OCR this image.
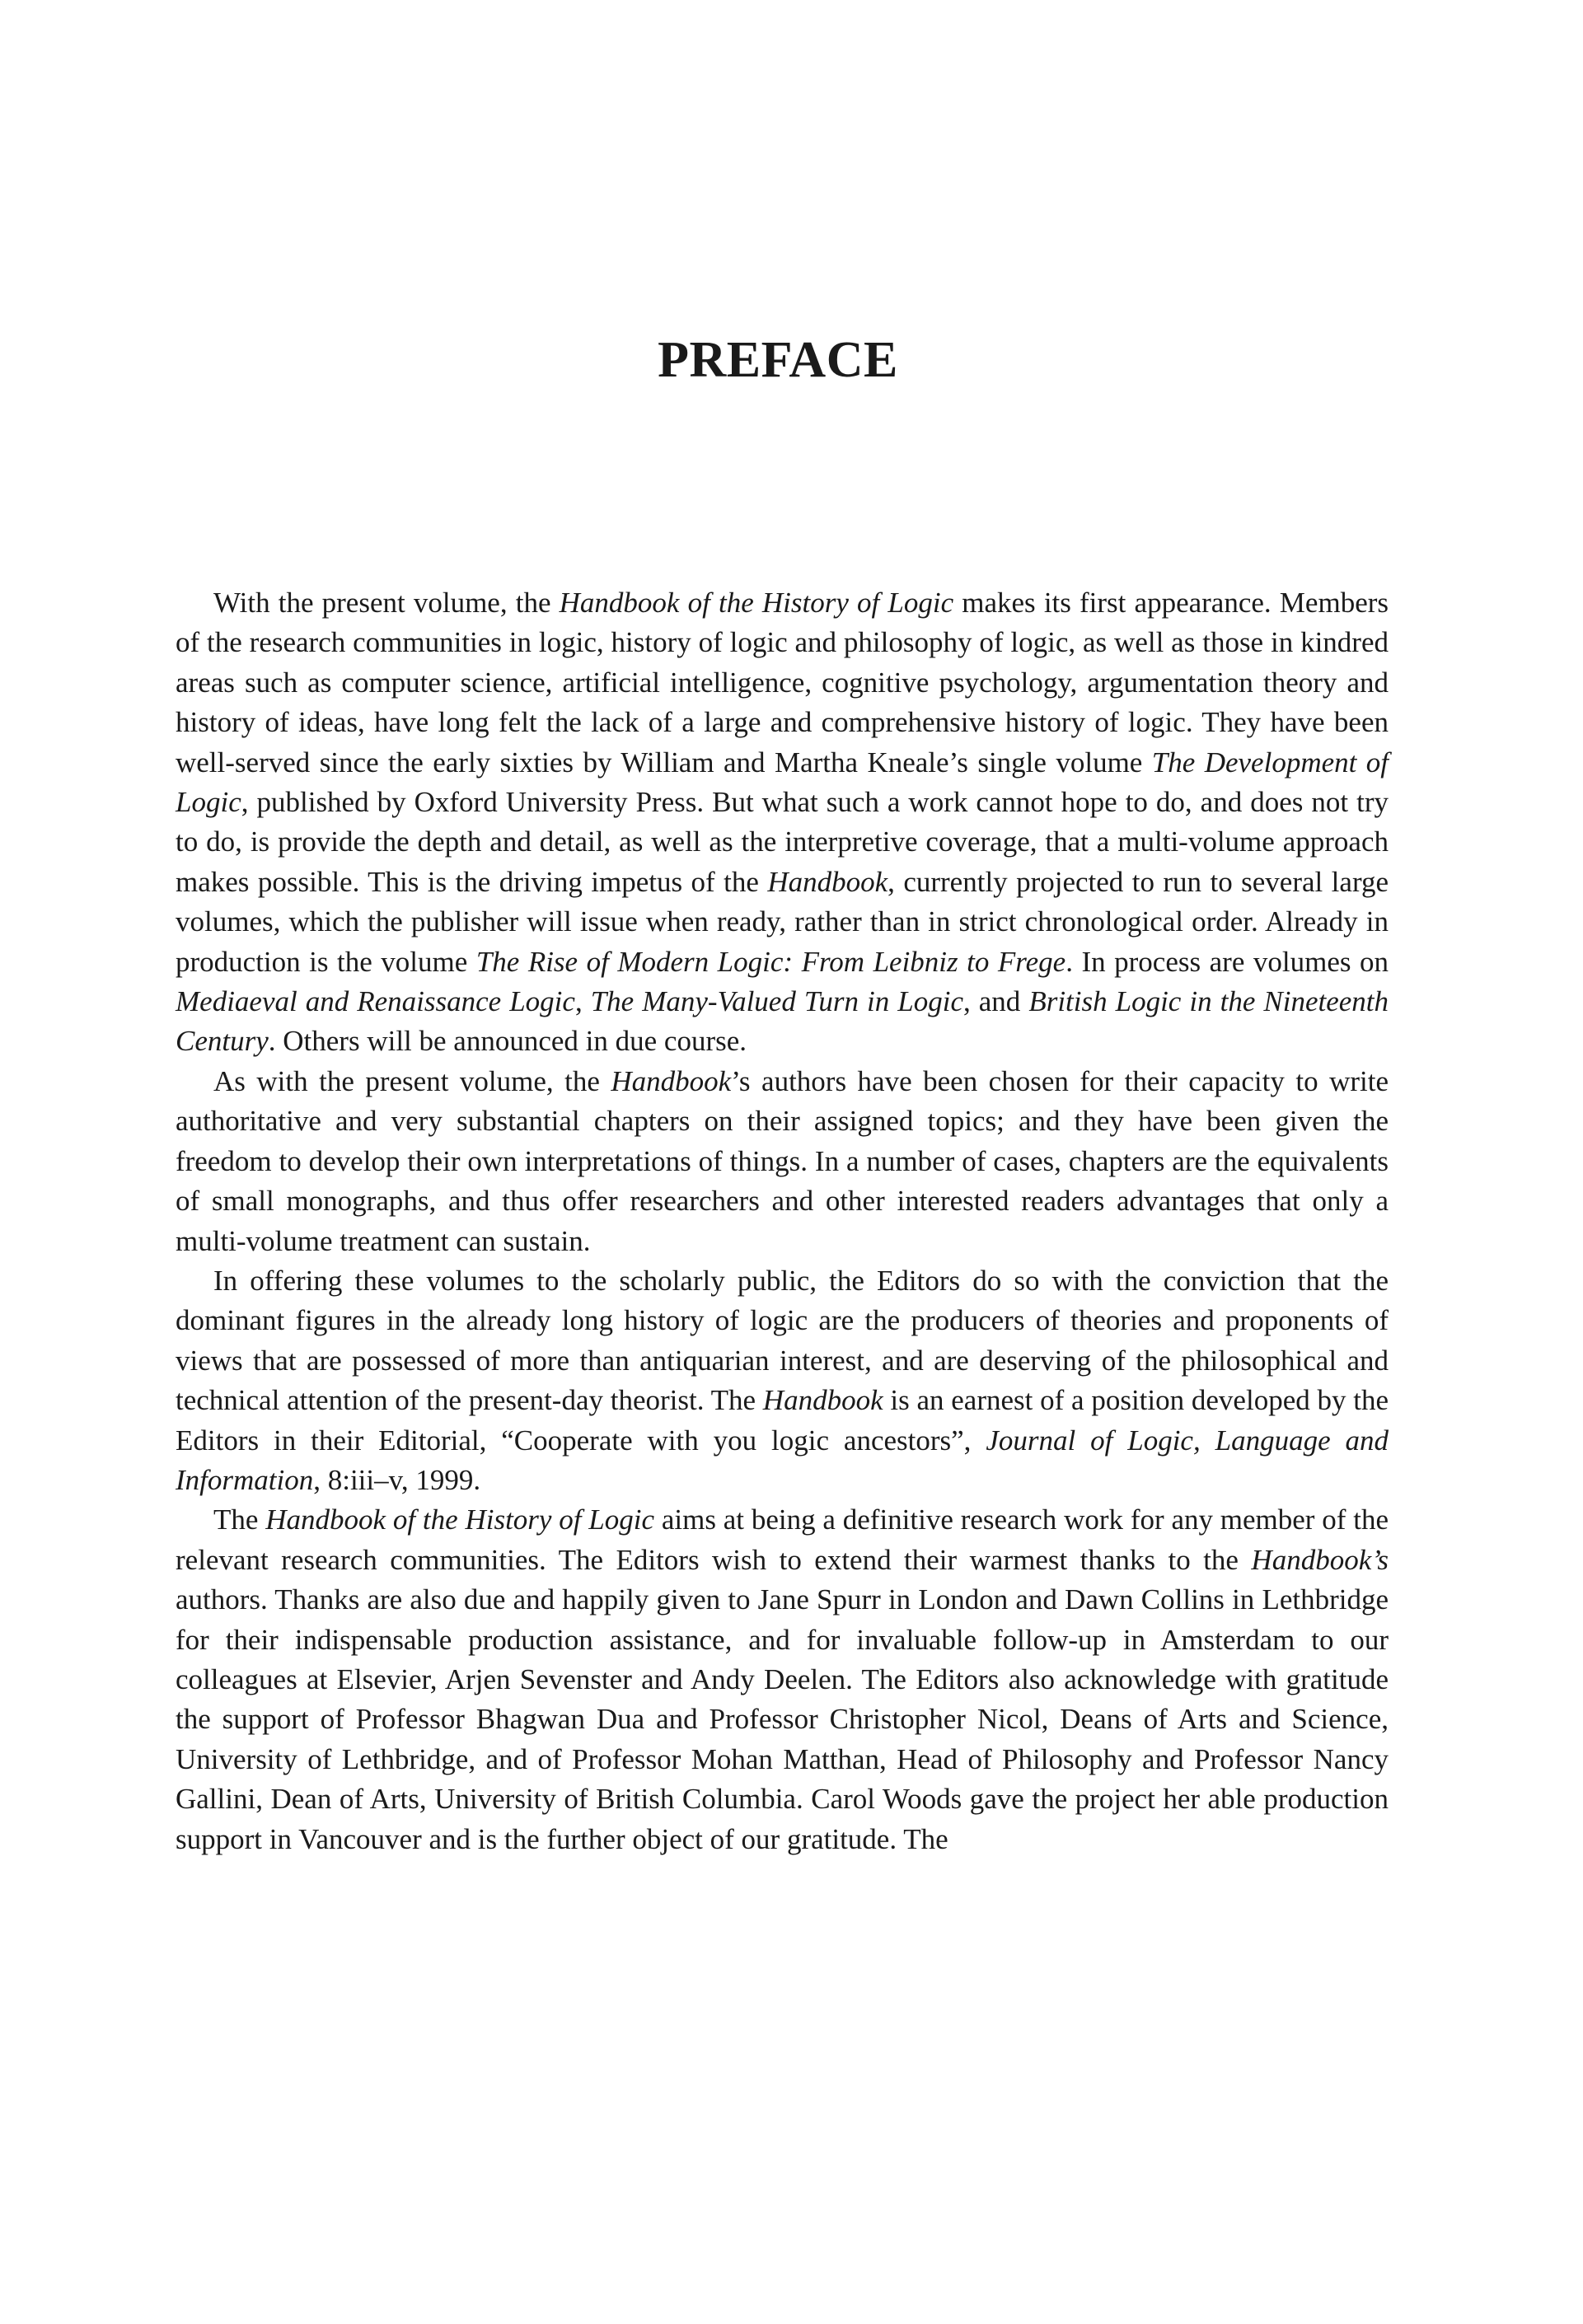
PREFACE

With the present volume, the Handbook of the History of Logic makes its first appearance. Members of the research communities in logic, history of logic and philosophy of logic, as well as those in kindred areas such as computer science, artificial intelligence, cognitive psychology, argumentation theory and history of ideas, have long felt the lack of a large and comprehensive history of logic. They have been well-served since the early sixties by William and Martha Kneale’s single volume The Development of Logic, published by Oxford University Press. But what such a work cannot hope to do, and does not try to do, is provide the depth and detail, as well as the interpretive coverage, that a multi-volume approach makes possible. This is the driving impetus of the Handbook, currently projected to run to several large volumes, which the publisher will issue when ready, rather than in strict chronological order. Already in production is the volume The Rise of Modern Logic: From Leibniz to Frege. In process are volumes on Mediaeval and Renaissance Logic, The Many-Valued Turn in Logic, and British Logic in the Nineteenth Century. Others will be announced in due course.

As with the present volume, the Handbook’s authors have been chosen for their capacity to write authoritative and very substantial chapters on their assigned topics; and they have been given the freedom to develop their own interpretations of things. In a number of cases, chapters are the equivalents of small monographs, and thus offer researchers and other interested readers advantages that only a multi-volume treatment can sustain.

In offering these volumes to the scholarly public, the Editors do so with the conviction that the dominant figures in the already long history of logic are the producers of theories and proponents of views that are possessed of more than antiquarian interest, and are deserving of the philosophical and technical attention of the present-day theorist. The Handbook is an earnest of a position developed by the Editors in their Editorial, “Cooperate with you logic ancestors”, Journal of Logic, Language and Information, 8:iii–v, 1999.

The Handbook of the History of Logic aims at being a definitive research work for any member of the relevant research communities. The Editors wish to extend their warmest thanks to the Handbook’s authors. Thanks are also due and happily given to Jane Spurr in London and Dawn Collins in Lethbridge for their indispensable production assistance, and for invaluable follow-up in Amsterdam to our colleagues at Elsevier, Arjen Sevenster and Andy Deelen. The Editors also acknowledge with gratitude the support of Professor Bhagwan Dua and Professor Christopher Nicol, Deans of Arts and Science, University of Lethbridge, and of Professor Mohan Matthan, Head of Philosophy and Professor Nancy Gallini, Dean of Arts, University of British Columbia. Carol Woods gave the project her able production support in Vancouver and is the further object of our gratitude. The
